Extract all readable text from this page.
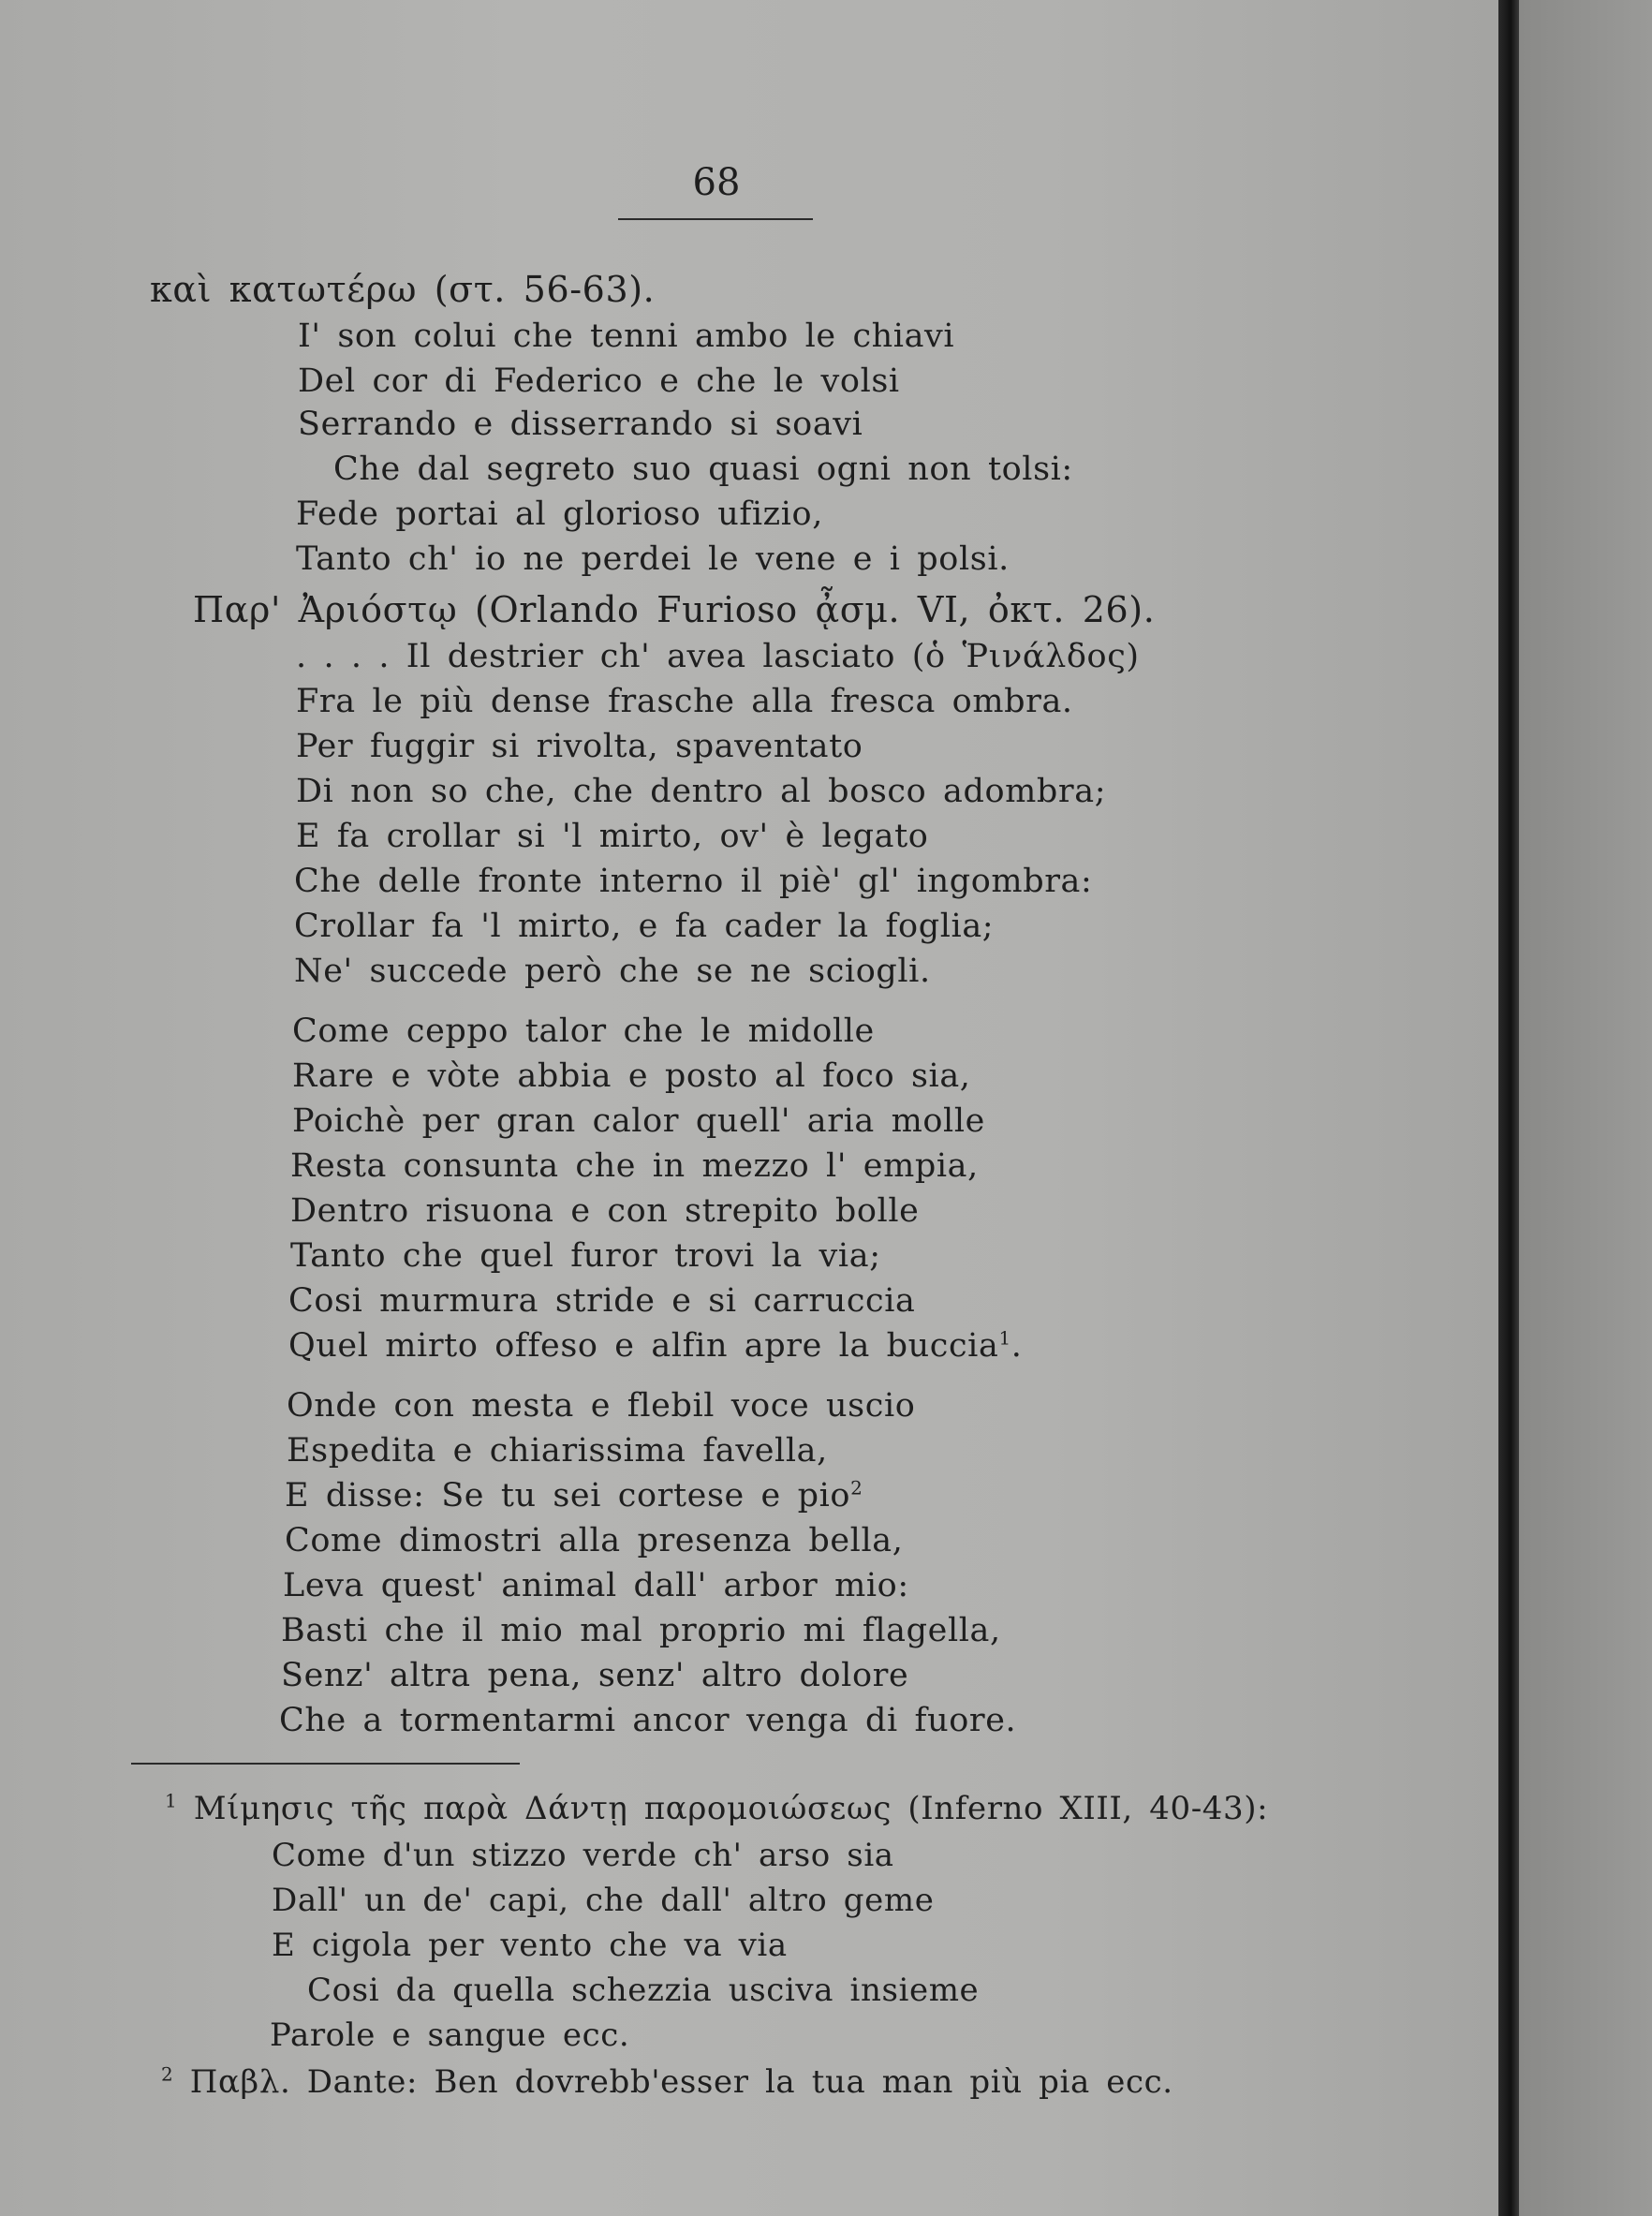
68
καὶ κατωτέρω (στ. 56-63).
I' son colui che tenni ambo le chiavi
Del cor di Federico e che le volsi
Serrando e disserrando si soavi
Che dal segreto suo quasi ogni non tolsi:
Fede portai al glorioso ufizio,
Tanto ch' io ne perdei le vene e i polsi.
Παρ' Ἀριόστῳ (Orlando Furioso ᾆσμ. VI, ὀκτ. 26).
. . . . Il destrier ch' avea lasciato (ὁ Ῥινάλδος)
Fra le più dense frasche alla fresca ombra.
Per fuggir si rivolta, spaventato
Di non so che, che dentro al bosco adombra;
E fa crollar si 'l mirto, ov' è legato
Che delle fronte interno il piè' gl' ingombra:
Crollar fa 'l mirto, e fa cader la foglia;
Ne' succede però che se ne sciogli.
Come ceppo talor che le midolle
Rare e vòte abbia e posto al foco sia,
Poichè per gran calor quell' aria molle
Resta consunta che in mezzo l' empia,
Dentro risuona e con strepito bolle
Tanto che quel furor trovi la via;
Cosi murmura stride e si carruccia
Quel mirto offeso e alfin apre la buccia$^1$.
Onde con mesta e flebil voce uscio
Espedita e chiarissima favella,
E disse: Se tu sei cortese e pio$^2$
Come dimostri alla presenza bella,
Leva quest' animal dall' arbor mio:
Basti che il mio mal proprio mi flagella,
Senz' altra pena, senz' altro dolore
Che a tormentarmi ancor venga di fuore.
$^1$ Μίμησις τῆς παρὰ Δάντῃ παρομοιώσεως (Inferno XIII, 40-43):
Come d'un stizzo verde ch' arso sia
Dall' un de' capi, che dall' altro geme
E cigola per vento che va via
Cosi da quella schezzia usciva insieme
Parole e sangue ecc.
$^2$ Παβλ. Dante: Ben dovrebb'esser la tua man più pia ecc.
